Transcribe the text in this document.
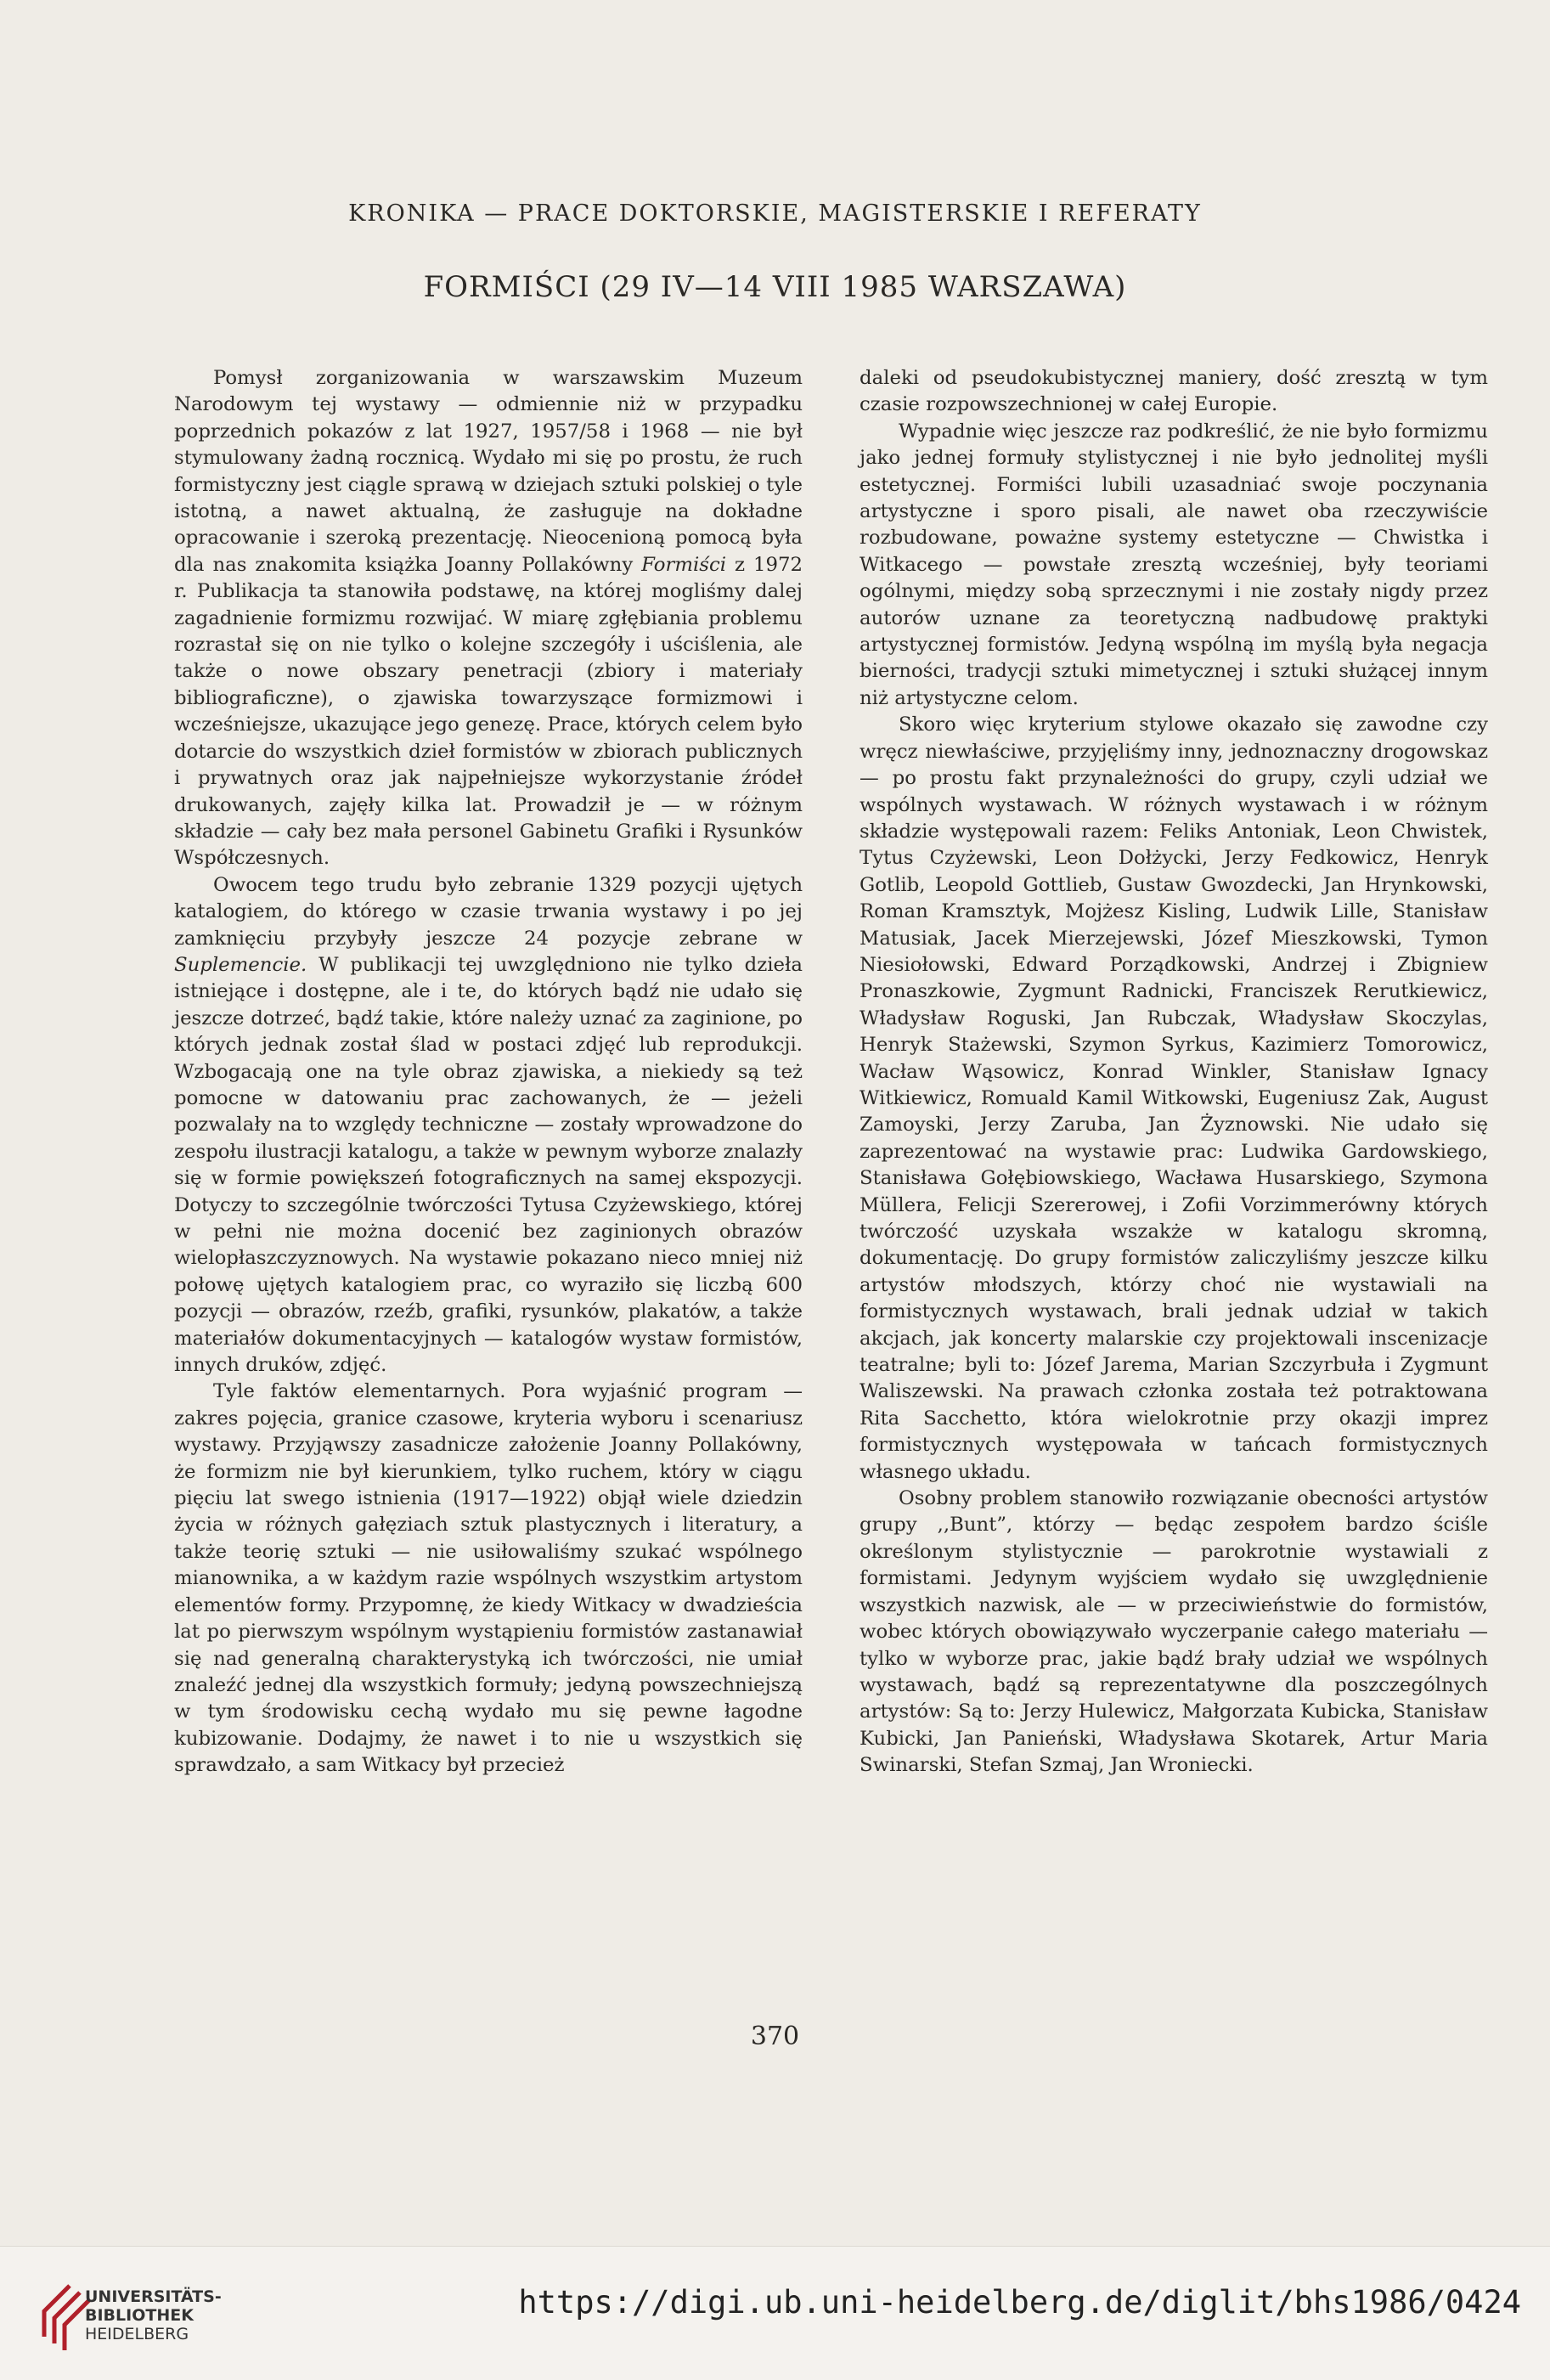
KRONIKA — PRACE DOKTORSKIE, MAGISTERSKIE I REFERATY
FORMIŚCI (29 IV—14 VIII 1985 WARSZAWA)

Pomysł zorganizowania w warszawskim Muzeum Narodowym tej wystawy — odmiennie niż w przypadku poprzednich pokazów z lat 1927, 1957/58 i 1968 — nie był stymulowany żadną rocznicą. Wydało mi się po prostu, że ruch formistyczny jest ciągle sprawą w dziejach sztuki polskiej o tyle istotną, a nawet aktualną, że zasługuje na dokładne opracowanie i szeroką prezentację. Nieocenioną pomocą była dla nas znakomita książka Joanny Pollakówny Formiści z 1972 r. Publikacja ta stanowiła podstawę, na której mogliśmy dalej zagadnienie formizmu rozwijać. W miarę zgłębiania problemu rozrastał się on nie tylko o kolejne szczegóły i uściślenia, ale także o nowe obszary penetracji (zbiory i materiały bibliograficzne), o zjawiska towarzyszące formizmowi i wcześniejsze, ukazujące jego genezę. Prace, których celem było dotarcie do wszystkich dzieł formistów w zbiorach publicznych i prywatnych oraz jak najpełniejsze wykorzystanie źródeł drukowanych, zajęły kilka lat. Prowadził je — w różnym składzie — cały bez mała personel Gabinetu Grafiki i Rysunków Współczesnych.

Owocem tego trudu było zebranie 1329 pozycji ujętych katalogiem, do którego w czasie trwania wystawy i po jej zamknięciu przybyły jeszcze 24 pozycje zebrane w Suplemencie. W publikacji tej uwzględniono nie tylko dzieła istniejące i dostępne, ale i te, do których bądź nie udało się jeszcze dotrzeć, bądź takie, które należy uznać za zaginione, po których jednak został ślad w postaci zdjęć lub reprodukcji. Wzbogacają one na tyle obraz zjawiska, a niekiedy są też pomocne w datowaniu prac zachowanych, że — jeżeli pozwalały na to względy techniczne — zostały wprowadzone do zespołu ilustracji katalogu, a także w pewnym wyborze znalazły się w formie powiększeń fotograficznych na samej ekspozycji. Dotyczy to szczególnie twórczości Tytusa Czyżewskiego, której w pełni nie można docenić bez zaginionych obrazów wielopłaszczyznowych. Na wystawie pokazano nieco mniej niż połowę ujętych katalogiem prac, co wyraziło się liczbą 600 pozycji — obrazów, rzeźb, grafiki, rysunków, plakatów, a także materiałów dokumentacyjnych — katalogów wystaw formistów, innych druków, zdjęć.

Tyle faktów elementarnych. Pora wyjaśnić program — zakres pojęcia, granice czasowe, kryteria wyboru i scenariusz wystawy. Przyjąwszy zasadnicze założenie Joanny Pollakówny, że formizm nie był kierunkiem, tylko ruchem, który w ciągu pięciu lat swego istnienia (1917—1922) objął wiele dziedzin życia w różnych gałęziach sztuk plastycznych i literatury, a także teorię sztuki — nie usiłowaliśmy szukać wspólnego mianownika, a w każdym razie wspólnych wszystkim artystom elementów formy. Przypomnę, że kiedy Witkacy w dwadzieścia lat po pierwszym wspólnym wystąpieniu formistów zastanawiał się nad generalną charakterystyką ich twórczości, nie umiał znaleźć jednej dla wszystkich formuły; jedyną powszechniejszą w tym środowisku cechą wydało mu się pewne łagodne kubizowanie. Dodajmy, że nawet i to nie u wszystkich się sprawdzało, a sam Witkacy był przecież

daleki od pseudokubistycznej maniery, dość zresztą w tym czasie rozpowszechnionej w całej Europie.

Wypadnie więc jeszcze raz podkreślić, że nie było formizmu jako jednej formuły stylistycznej i nie było jednolitej myśli estetycznej. Formiści lubili uzasadniać swoje poczynania artystyczne i sporo pisali, ale nawet oba rzeczywiście rozbudowane, poważne systemy estetyczne — Chwistka i Witkacego — powstałe zresztą wcześniej, były teoriami ogólnymi, między sobą sprzecznymi i nie zostały nigdy przez autorów uznane za teoretyczną nadbudowę praktyki artystycznej formistów. Jedyną wspólną im myślą była negacja bierności, tradycji sztuki mimetycznej i sztuki służącej innym niż artystyczne celom.

Skoro więc kryterium stylowe okazało się zawodne czy wręcz niewłaściwe, przyjęliśmy inny, jednoznaczny drogowskaz — po prostu fakt przynależności do grupy, czyli udział we wspólnych wystawach. W różnych wystawach i w różnym składzie występowali razem: Feliks Antoniak, Leon Chwistek, Tytus Czyżewski, Leon Dołżycki, Jerzy Fedkowicz, Henryk Gotlib, Leopold Gottlieb, Gustaw Gwozdecki, Jan Hrynkowski, Roman Kramsztyk, Mojżesz Kisling, Ludwik Lille, Stanisław Matusiak, Jacek Mierzejewski, Józef Mieszkowski, Tymon Niesiołowski, Edward Porządkowski, Andrzej i Zbigniew Pronaszkowie, Zygmunt Radnicki, Franciszek Rerutkiewicz, Władysław Roguski, Jan Rubczak, Władysław Skoczylas, Henryk Stażewski, Szymon Syrkus, Kazimierz Tomorowicz, Wacław Wąsowicz, Konrad Winkler, Stanisław Ignacy Witkiewicz, Romuald Kamil Witkowski, Eugeniusz Zak, August Zamoyski, Jerzy Zaruba, Jan Żyznowski. Nie udało się zaprezentować na wystawie prac: Ludwika Gardowskiego, Stanisława Gołębiowskiego, Wacława Husarskiego, Szymona Müllera, Felicji Szererowej, i Zofii Vorzimmerówny których twórczość uzyskała wszakże w katalogu skromną, dokumentację. Do grupy formistów zaliczyliśmy jeszcze kilku artystów młodszych, którzy choć nie wystawiali na formistycznych wystawach, brali jednak udział w takich akcjach, jak koncerty malarskie czy projektowali inscenizacje teatralne; byli to: Józef Jarema, Marian Szczyrbuła i Zygmunt Waliszewski. Na prawach członka została też potraktowana Rita Sacchetto, która wielokrotnie przy okazji imprez formistycznych występowała w tańcach formistycznych własnego układu.

Osobny problem stanowiło rozwiązanie obecności artystów grupy ,,Bunt”, którzy — będąc zespołem bardzo ściśle określonym stylistycznie — parokrotnie wystawiali z formistami. Jedynym wyjściem wydało się uwzględnienie wszystkich nazwisk, ale — w przeciwieństwie do formistów, wobec których obowiązywało wyczerpanie całego materiału — tylko w wyborze prac, jakie bądź brały udział we wspólnych wystawach, bądź są reprezentatywne dla poszczególnych artystów: Są to: Jerzy Hulewicz, Małgorzata Kubicka, Stanisław Kubicki, Jan Panieński, Władysława Skotarek, Artur Maria Swinarski, Stefan Szmaj, Jan Wroniecki.

370
UNIVERSITÄTS-
BIBLIOTHEK
HEIDELBERG
https://digi.ub.uni-heidelberg.de/diglit/bhs1986/0424
